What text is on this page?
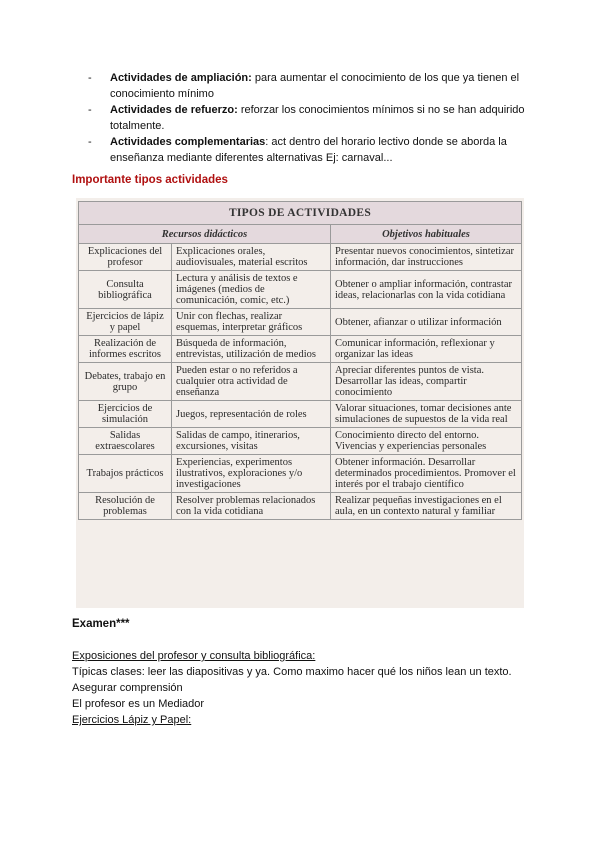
- Actividades de ampliación: para aumentar el conocimiento de los que ya tienen el conocimiento mínimo

- Actividades de refuerzo: reforzar los conocimientos mínimos si no se han adquirido totalmente.

- Actividades complementarias: act dentro del horario lectivo donde se aborda la enseñanza mediante diferentes alternativas Ej: carnaval...

Importante tipos actividades
TIPOS DE ACTIVIDADES		
Recursos didácticos		Objetivos habituales
Explicaciones del profesor	Explicaciones orales, audiovisuales, material escritos	Presentar nuevos conocimientos, sintetizar información, dar instrucciones
Consulta bibliográfica	Lectura y análisis de textos e imágenes (medios de comunicación, comic, etc.)	Obtener o ampliar información, contrastar ideas, relacionarlas con la vida cotidiana
Ejercicios de lápiz y papel	Unir con flechas, realizar esquemas, interpretar gráficos	Obtener, afianzar o utilizar información
Realización de informes escritos	Búsqueda de información, entrevistas, utilización de medios	Comunicar información, reflexionar y organizar las ideas
Debates, trabajo en grupo	Pueden estar o no referidos a cualquier otra actividad de enseñanza	Apreciar diferentes puntos de vista. Desarrollar las ideas, compartir conocimiento
Ejercicios de simulación	Juegos, representación de roles	Valorar situaciones, tomar decisiones ante simulaciones de supuestos de la vida real
Salidas extraescolares	Salidas de campo, itinerarios, excursiones, visitas	Conocimiento directo del entorno. Vivencias y experiencias personales
Trabajos prácticos	Experiencias, experimentos ilustrativos, exploraciones y/o investigaciones	Obtener información. Desarrollar determinados procedimientos. Promover el interés por el trabajo científico
Resolución de problemas	Resolver problemas relacionados con la vida cotidiana	Realizar pequeñas investigaciones en el aula, en un contexto natural y familiar
Examen***
Exposiciones del profesor y consulta bibliográfica:
Típicas clases: leer las diapositivas y ya. Como maximo hacer qué los niños lean un texto.
Asegurar comprensión
El profesor es un Mediador
Ejercicios Lápiz y Papel:
